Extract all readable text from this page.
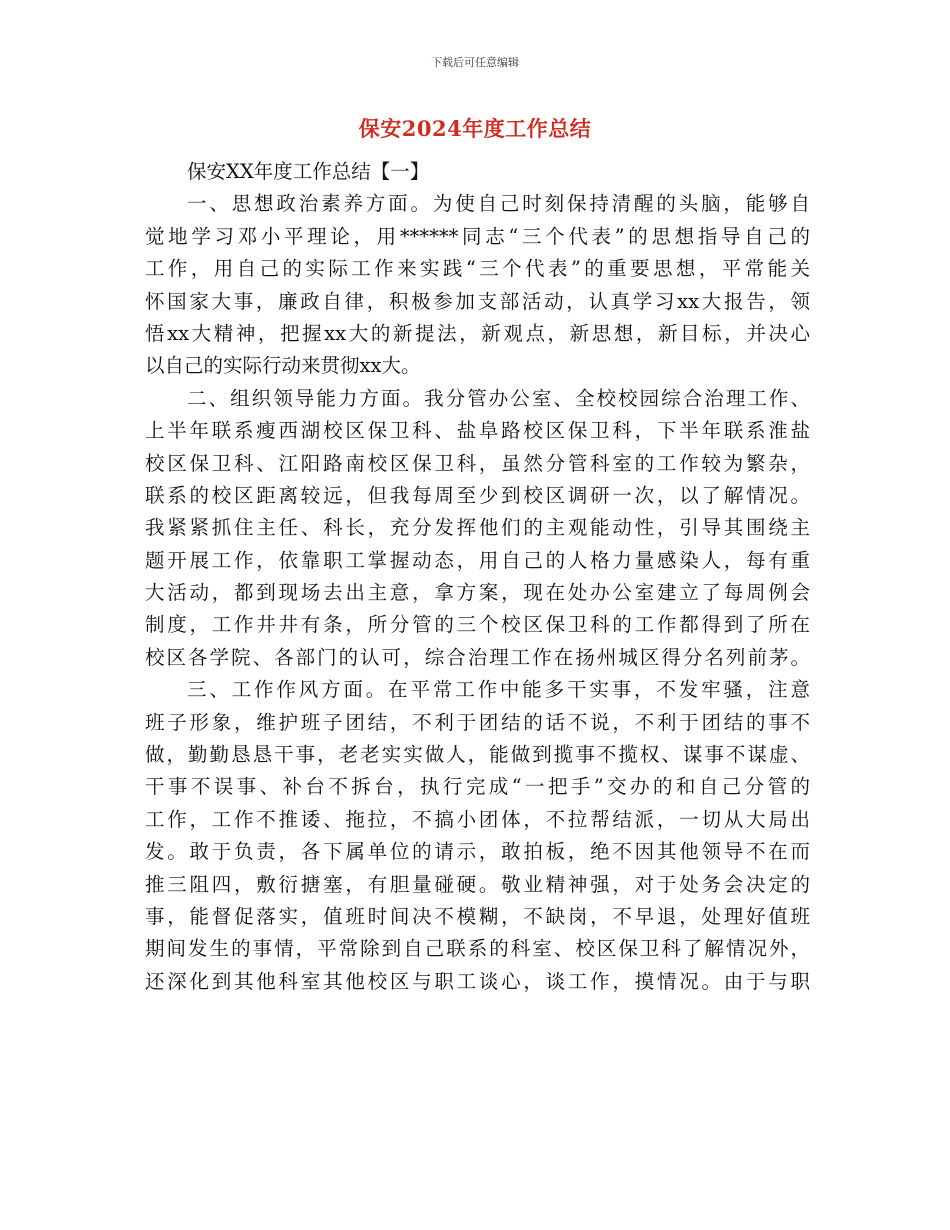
下载后可任意编辑
保安2024年度工作总结
保安XX年度工作总结【一】
一、思想政治素养方面。为使自己时刻保持清醒的头脑，能够自
觉地学习邓小平理论，用******同志“三个代表”的思想指导自己的
工作，用自己的实际工作来实践“三个代表”的重要思想，平常能关
怀国家大事，廉政自律，积极参加支部活动，认真学习xx大报告，领
悟xx大精神，把握xx大的新提法，新观点，新思想，新目标，并决心
以自己的实际行动来贯彻xx大。
二、组织领导能力方面。我分管办公室、全校校园综合治理工作、
上半年联系瘦西湖校区保卫科、盐阜路校区保卫科，下半年联系淮盐
校区保卫科、江阳路南校区保卫科，虽然分管科室的工作较为繁杂，
联系的校区距离较远，但我每周至少到校区调研一次，以了解情况。
我紧紧抓住主任、科长，充分发挥他们的主观能动性，引导其围绕主
题开展工作，依靠职工掌握动态，用自己的人格力量感染人，每有重
大活动，都到现场去出主意，拿方案，现在处办公室建立了每周例会
制度，工作井井有条，所分管的三个校区保卫科的工作都得到了所在
校区各学院、各部门的认可，综合治理工作在扬州城区得分名列前茅。
三、工作作风方面。在平常工作中能多干实事，不发牢骚，注意
班子形象，维护班子团结，不利于团结的话不说，不利于团结的事不
做，勤勤恳恳干事，老老实实做人，能做到揽事不揽权、谋事不谋虚、
干事不误事、补台不拆台，执行完成“一把手”交办的和自己分管的
工作，工作不推诿、拖拉，不搞小团体，不拉帮结派，一切从大局出
发。敢于负责，各下属单位的请示，敢拍板，绝不因其他领导不在而
推三阻四，敷衍搪塞，有胆量碰硬。敬业精神强，对于处务会决定的
事，能督促落实，值班时间决不模糊，不缺岗，不早退，处理好值班
期间发生的事情，平常除到自己联系的科室、校区保卫科了解情况外，
还深化到其他科室其他校区与职工谈心，谈工作，摸情况。由于与职
